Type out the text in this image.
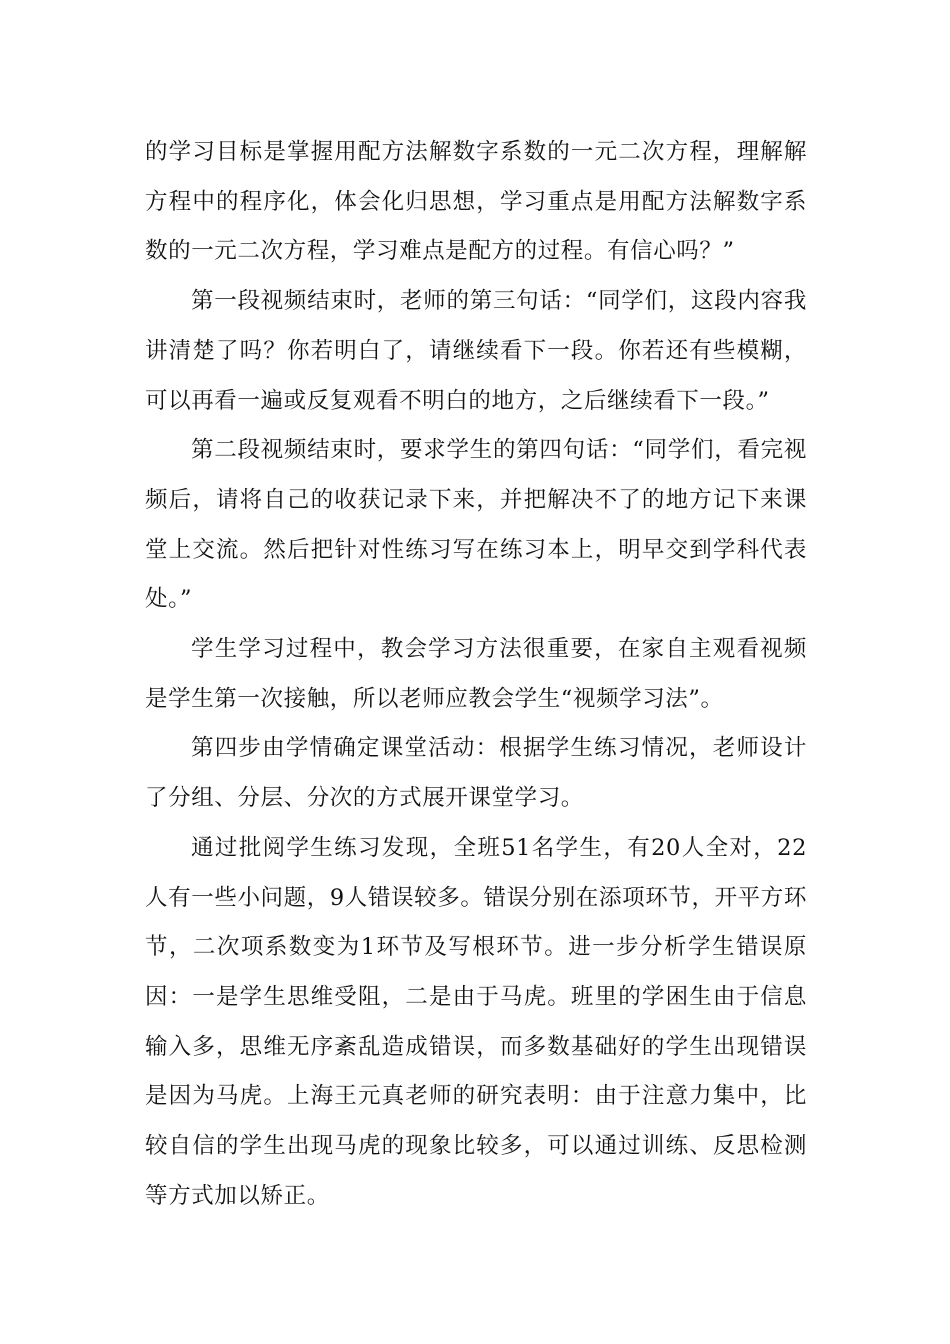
的学习目标是掌握用配方法解数字系数的一元二次方程，理解解方程中的程序化，体会化归思想，学习重点是用配方法解数字系数的一元二次方程，学习难点是配方的过程。有信心吗？”

第一段视频结束时，老师的第三句话：“同学们，这段内容我讲清楚了吗？你若明白了，请继续看下一段。你若还有些模糊，可以再看一遍或反复观看不明白的地方，之后继续看下一段。”

第二段视频结束时，要求学生的第四句话：“同学们，看完视频后，请将自己的收获记录下来，并把解决不了的地方记下来课堂上交流。然后把针对性练习写在练习本上，明早交到学科代表处。”

学生学习过程中，教会学习方法很重要，在家自主观看视频是学生第一次接触，所以老师应教会学生“视频学习法”。

第四步由学情确定课堂活动：根据学生练习情况，老师设计了分组、分层、分次的方式展开课堂学习。

通过批阅学生练习发现，全班51名学生，有20人全对，22人有一些小问题，9人错误较多。错误分别在添项环节，开平方环节，二次项系数变为1环节及写根环节。进一步分析学生错误原因：一是学生思维受阻，二是由于马虎。班里的学困生由于信息输入多，思维无序紊乱造成错误，而多数基础好的学生出现错误是因为马虎。上海王元真老师的研究表明：由于注意力集中，比较自信的学生出现马虎的现象比较多，可以通过训练、反思检测等方式加以矫正。
